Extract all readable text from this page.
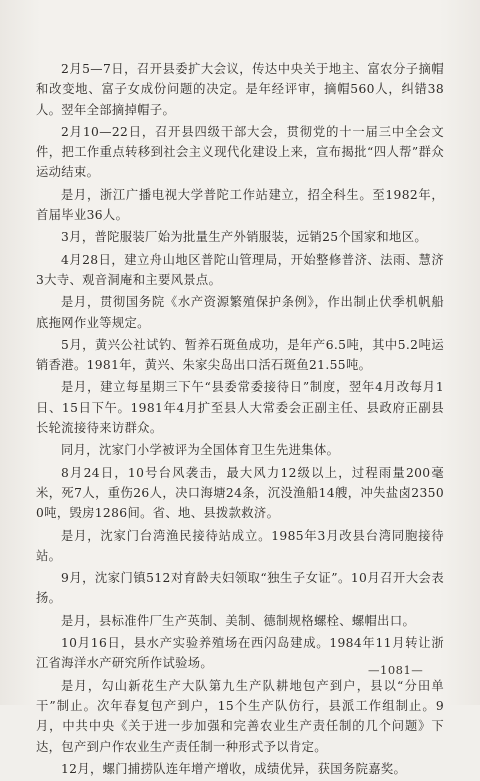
2月5—7日，召开县委扩大会议，传达中央关于地主、富农分子摘帽和改变地、富子女成份问题的决定。是年经评审，摘帽560人，纠错38人。翌年全部摘掉帽子。

2月10—22日，召开县四级干部大会，贯彻党的十一届三中全会文件，把工作重点转移到社会主义现代化建设上来，宣布揭批“四人帮”群众运动结束。

是月，浙江广播电视大学普陀工作站建立，招全科生。至1982年，首届毕业36人。

3月，普陀服装厂始为批量生产外销服装，远销25个国家和地区。

4月28日，建立舟山地区普陀山管理局，开始整修普济、法雨、慧济3大寺、观音洞庵和主要风景点。

是月，贯彻国务院《水产资源繁殖保护条例》，作出制止伏季机帆船底拖网作业等规定。

5月，黄兴公社试钓、暂养石斑鱼成功，是年产6.5吨，其中5.2吨运销香港。1981年，黄兴、朱家尖岛出口活石斑鱼21.55吨。

是月，建立每星期三下午“县委常委接待日”制度，翌年4月改每月1日、15日下午。1981年4月扩至县人大常委会正副主任、县政府正副县长轮流接待来访群众。

同月，沈家门小学被评为全国体育卫生先进集体。

8月24日，10号台风袭击，最大风力12级以上，过程雨量200毫米，死7人，重伤26人，决口海塘24条，沉没渔船14艘，冲失盐卤23500吨，毁房1286间。省、地、县拨款救济。

是月，沈家门台湾渔民接待站成立。1985年3月改县台湾同胞接待站。

9月，沈家门镇512对育龄夫妇领取“独生子女证”。10月召开大会表扬。

是月，县标准件厂生产英制、美制、德制规格螺栓、螺帽出口。

10月16日，县水产实验养殖场在西闪岛建成。1984年11月转让浙江省海洋水产研究所作试验场。

是月，勾山新花生产大队第九生产队耕地包产到户，县以“分田单干”制止。次年春复包产到户，15个生产队仿行，县派工作组制止。9月，中共中央《关于进一步加强和完善农业生产责任制的几个问题》下达，包产到户作农业生产责任制一种形式予以肯定。

12月，螺门捕捞队连年增产增收，成绩优异，获国务院嘉奖。

—1081—
